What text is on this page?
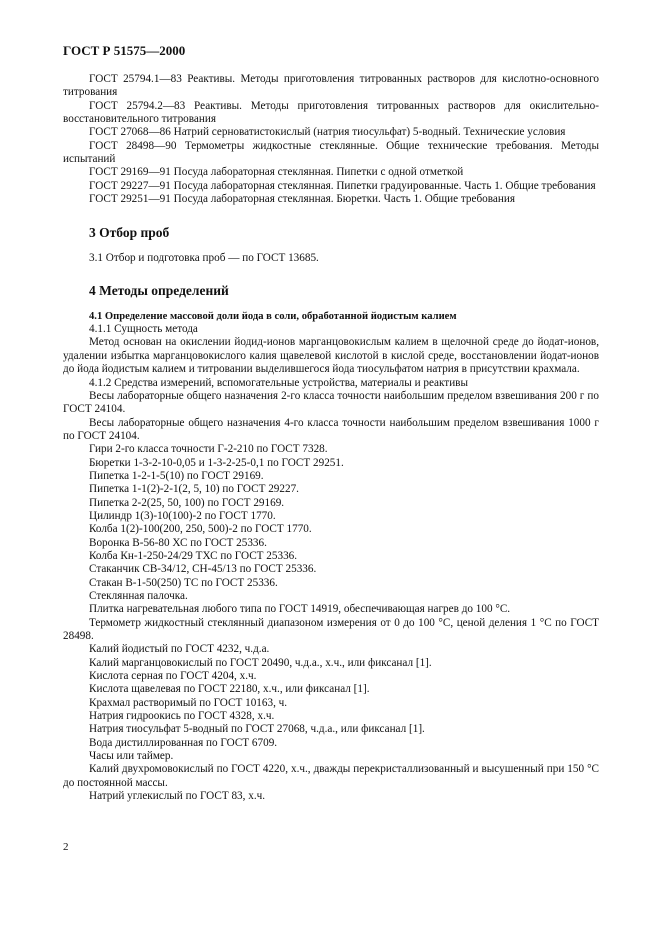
ГОСТ Р 51575—2000

ГОСТ 25794.1—83 Реактивы. Методы приготовления титрованных растворов для кислотно-основного титрования

ГОСТ 25794.2—83 Реактивы. Методы приготовления титрованных растворов для окислительно-восстановительного титрования

ГОСТ 27068—86 Натрий серноватистокислый (натрия тиосульфат) 5-водный. Технические условия

ГОСТ 28498—90 Термометры жидкостные стеклянные. Общие технические требования. Методы испытаний

ГОСТ 29169—91 Посуда лабораторная стеклянная. Пипетки с одной отметкой

ГОСТ 29227—91 Посуда лабораторная стеклянная. Пипетки градуированные. Часть 1. Общие требования

ГОСТ 29251—91 Посуда лабораторная стеклянная. Бюретки. Часть 1. Общие требования

3 Отбор проб

3.1 Отбор и подготовка проб — по ГОСТ 13685.

4 Методы определений

4.1 Определение массовой доли йода в соли, обработанной йодистым калием

4.1.1 Сущность метода

Метод основан на окислении йодид-ионов марганцовокислым калием в щелочной среде до йодат-ионов, удалении избытка марганцовокислого калия щавелевой кислотой в кислой среде, восстановлении йодат-ионов до йода йодистым калием и титровании выделившегося йода тиосульфатом натрия в присутствии крахмала.

4.1.2 Средства измерений, вспомогательные устройства, материалы и реактивы

Весы лабораторные общего назначения 2-го класса точности наибольшим пределом взвешивания 200 г по ГОСТ 24104.

Весы лабораторные общего назначения 4-го класса точности наибольшим пределом взвешивания 1000 г по ГОСТ 24104.

Гири 2-го класса точности Г-2-210 по ГОСТ 7328.

Бюретки 1-3-2-10-0,05 и 1-3-2-25-0,1 по ГОСТ 29251.

Пипетка 1-2-1-5(10) по ГОСТ 29169.

Пипетка 1-1(2)-2-1(2, 5, 10) по ГОСТ 29227.

Пипетка 2-2(25, 50, 100) по ГОСТ 29169.

Цилиндр 1(3)-10(100)-2 по ГОСТ 1770.

Колба 1(2)-100(200, 250, 500)-2 по ГОСТ 1770.

Воронка В-56-80 ХС по ГОСТ 25336.

Колба Кн-1-250-24/29 ТХС по ГОСТ 25336.

Стаканчик СВ-34/12, СН-45/13 по ГОСТ 25336.

Стакан В-1-50(250) ТС по ГОСТ 25336.

Стеклянная палочка.

Плитка нагревательная любого типа по ГОСТ 14919, обеспечивающая нагрев до 100 °С.

Термометр жидкостный стеклянный диапазоном измерения от 0 до 100 °С, ценой деления 1 °С по ГОСТ 28498.

Калий йодистый по ГОСТ 4232, ч.д.а.

Калий марганцовокислый по ГОСТ 20490, ч.д.а., х.ч., или фиксанал [1].

Кислота серная по ГОСТ 4204, х.ч.

Кислота щавелевая по ГОСТ 22180, х.ч., или фиксанал [1].

Крахмал растворимый по ГОСТ 10163, ч.

Натрия гидроокись по ГОСТ 4328, х.ч.

Натрия тиосульфат 5-водный по ГОСТ 27068, ч.д.а., или фиксанал [1].

Вода дистиллированная по ГОСТ 6709.

Часы или таймер.

Калий двухромовокислый по ГОСТ 4220, х.ч., дважды перекристаллизованный и высушенный при 150 °С до постоянной массы.

Натрий углекислый по ГОСТ 83, х.ч.

2
